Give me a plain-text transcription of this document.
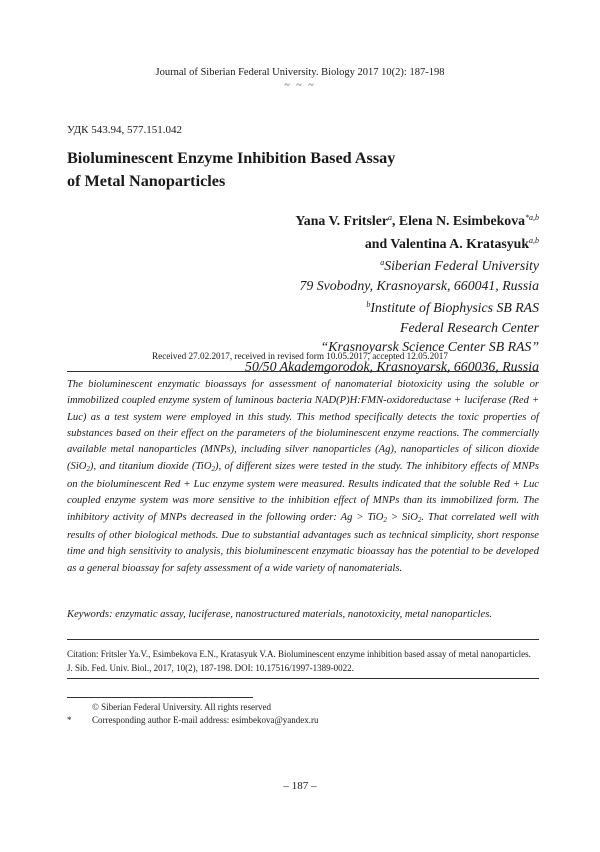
Journal of Siberian Federal University. Biology 2017 10(2): 187-198
~ ~ ~
УДК 543.94, 577.151.042
Bioluminescent Enzyme Inhibition Based Assay
of Metal Nanoparticles
Yana V. Fritsler$^a$, Elena N. Esimbekova$^{*a,b}$
and Valentina A. Kratasyuk$^{a,b}$
$^a$Siberian Federal University
79 Svobodny, Krasnoyarsk, 660041, Russia
$^b$Institute of Biophysics SB RAS
Federal Research Center
“Krasnoyarsk Science Center SB RAS”
50/50 Akademgorodok, Krasnoyarsk, 660036, Russia
Received 27.02.2017, received in revised form 10.05.2017, accepted 12.05.2017

The bioluminescent enzymatic bioassays for assessment of nanomaterial biotoxicity using the soluble or immobilized coupled enzyme system of luminous bacteria NAD(P)H:FMN-oxidoreductase + luciferase (Red + Luc) as a test system were employed in this study. This method specifically detects the toxic properties of substances based on their effect on the parameters of the bioluminescent enzyme reactions. The commercially available metal nanoparticles (MNPs), including silver nanoparticles (Ag), nanoparticles of silicon dioxide (SiO$_2$), and titanium dioxide (TiO$_2$), of different sizes were tested in the study. The inhibitory effects of MNPs on the bioluminescent Red + Luc enzyme system were measured. Results indicated that the soluble Red + Luc coupled enzyme system was more sensitive to the inhibition effect of MNPs than its immobilized form. The inhibitory activity of MNPs decreased in the following order: Ag > TiO$_2$ > SiO$_2$. That correlated well with results of other biological methods. Due to substantial advantages such as technical simplicity, short response time and high sensitivity to analysis, this bioluminescent enzymatic bioassay has the potential to be developed as a general bioassay for safety assessment of a wide variety of nanomaterials.

Keywords: enzymatic assay, luciferase, nanostructured materials, nanotoxicity, metal nanoparticles.
Citation: Fritsler Ya.V., Esimbekova E.N., Kratasyuk V.A. Bioluminescent enzyme inhibition based assay of metal nanoparticles.
J. Sib. Fed. Univ. Biol., 2017, 10(2), 187-198. DOI: 10.17516/1997-1389-0022.
© Siberian Federal University. All rights reserved
* Corresponding author E-mail address: esimbekova@yandex.ru
– 187 –
